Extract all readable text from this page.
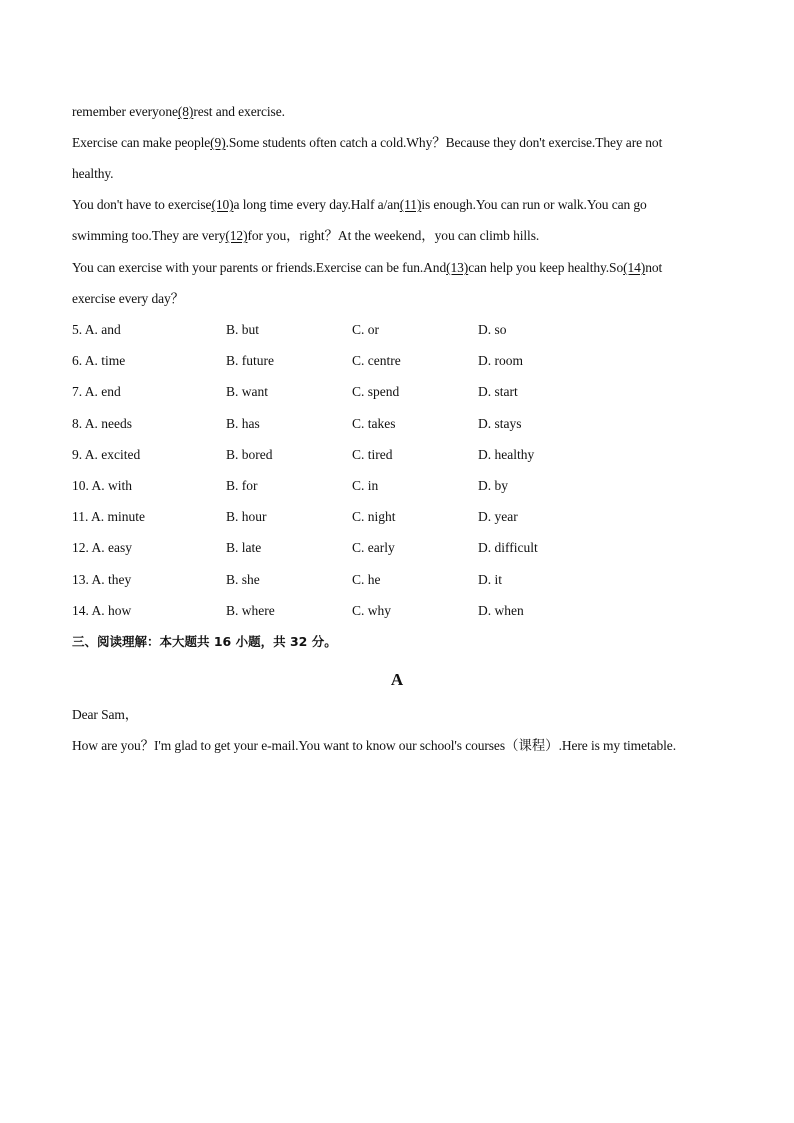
remember everyone(8)rest and exercise.
Exercise can make people(9).Some students often catch a cold.Why？Because they don't exercise.They are not
healthy.
You don't have to exercise(10)a long time every day.Half a/an(11)is enough.You can run or walk.You can go
swimming too.They are very(12)for you，right？At the weekend，you can climb hills.
You can exercise with your parents or friends.Exercise can be fun.And(13)can help you keep healthy.So(14)not
exercise every day？
5. A. and	B. but	C. or	D. so
6. A. time	B. future	C. centre	D. room
7. A. end	B. want	C. spend	D. start
8. A. needs	B. has	C. takes	D. stays
9. A. excited	B. bored	C. tired	D. healthy
10. A. with	B. for	C. in	D. by
11. A. minute	B. hour	C. night	D. year
12. A. easy	B. late	C. early	D. difficult
13. A. they	B. she	C. he	D. it
14. A. how	B. where	C. why	D. when
三、阅读理解：本大题共 16 小题，共 32 分。
A
Dear Sam，
How are you？I'm glad to get your e-mail.You want to know our school's courses（课程）.Here is my timetable.
